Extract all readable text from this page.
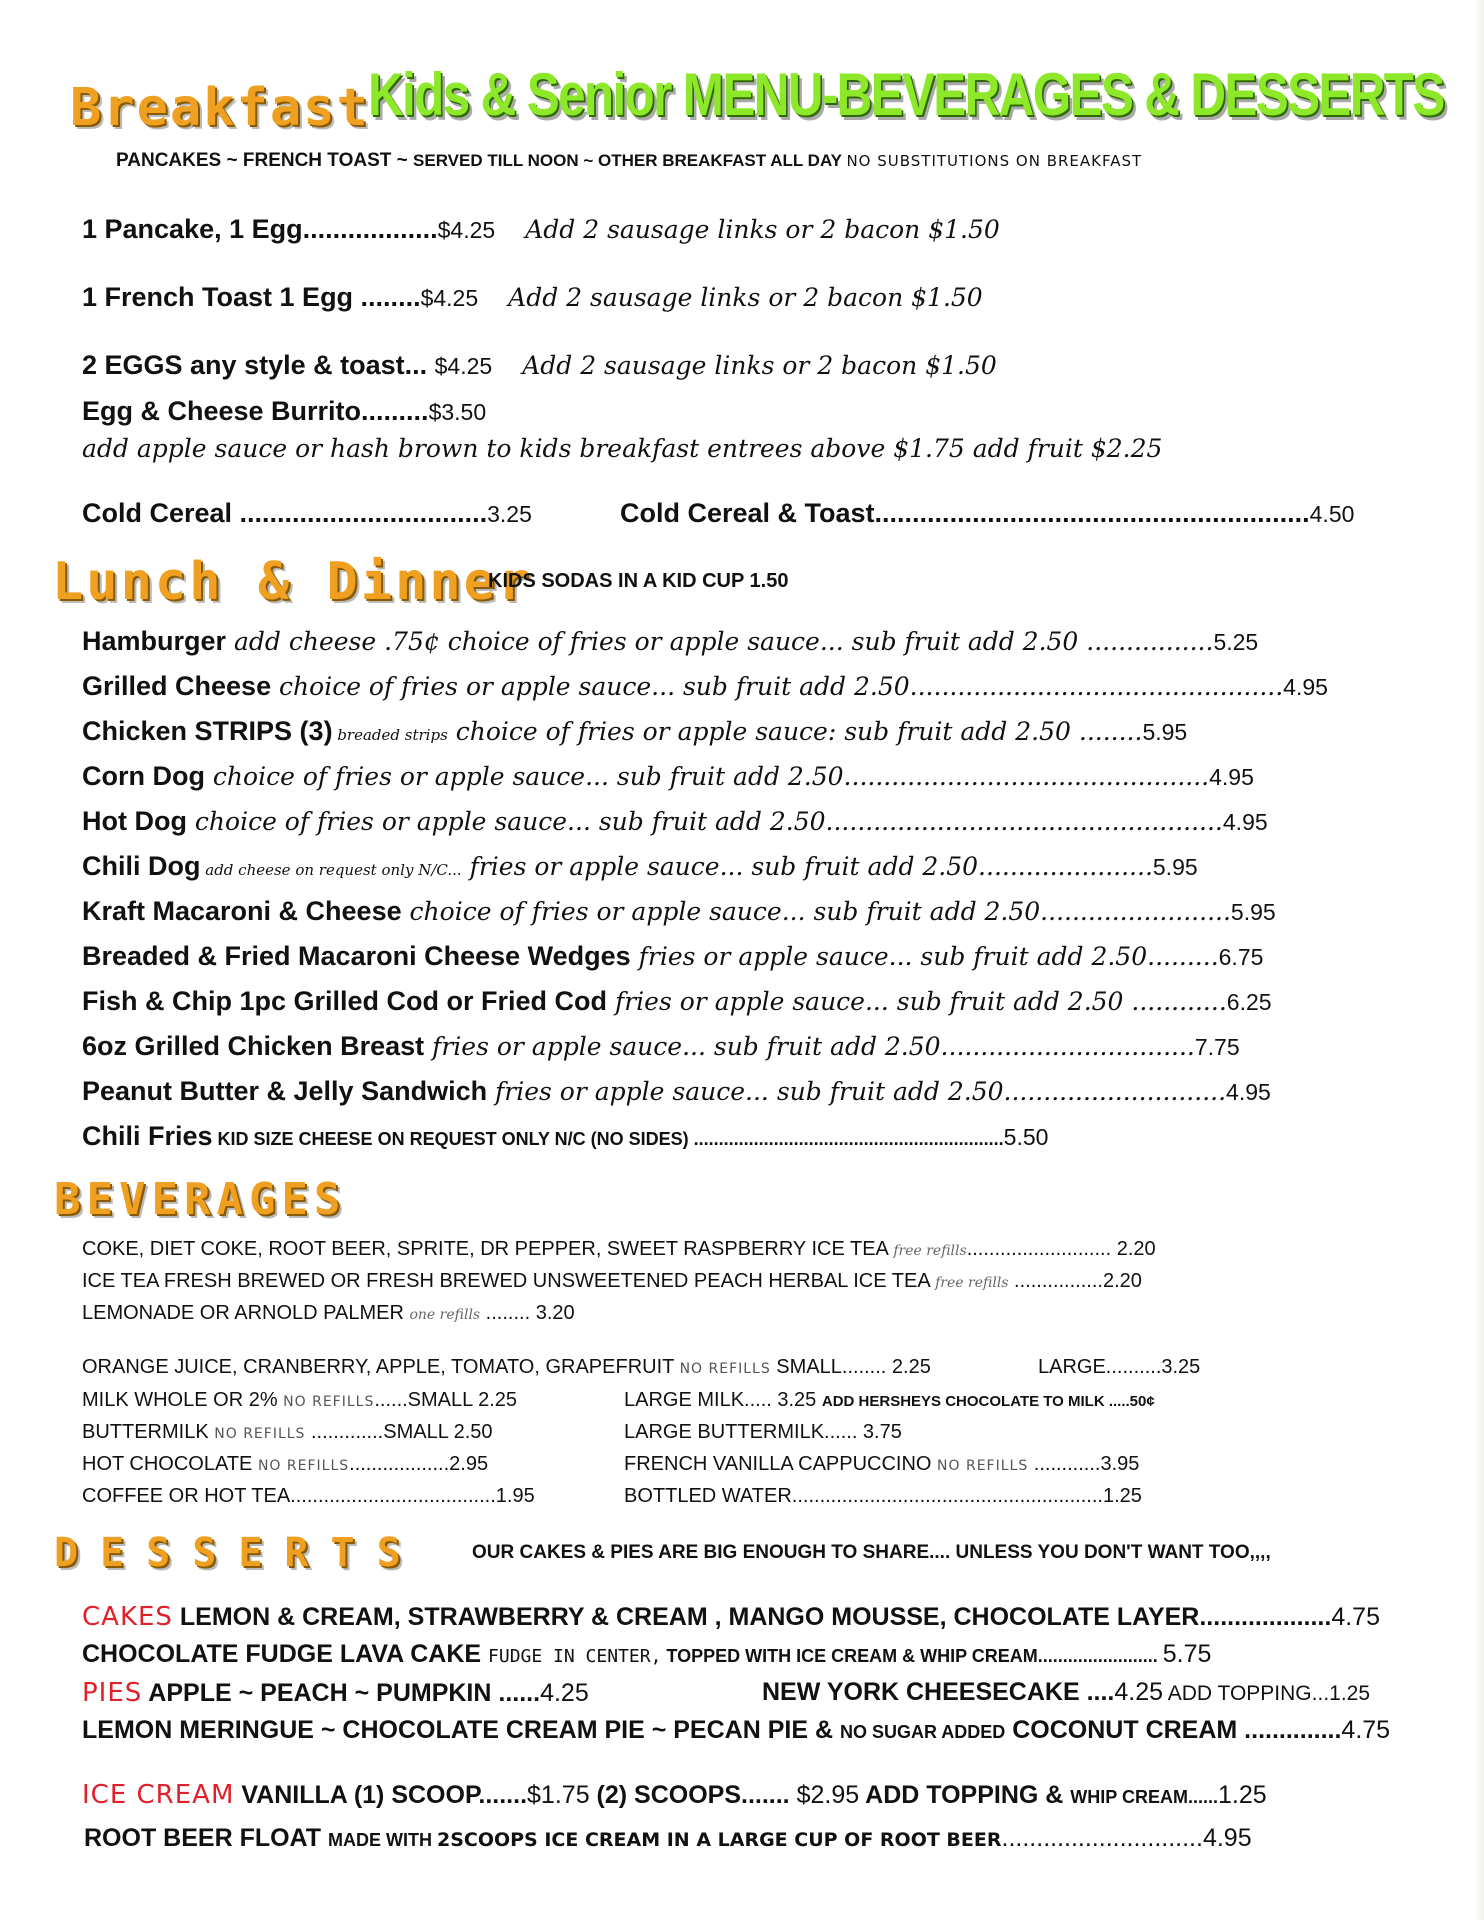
Breakfast
Kids & Senior MENU-BEVERAGES & DESSERTS
PANCAKES ~ FRENCH TOAST ~ SERVED TILL NOON ~ OTHER BREAKFAST ALL DAY NO SUBSTITUTIONS ON BREAKFAST
1 Pancake, 1 Egg..................$4.25 Add 2 sausage links or 2 bacon $1.50
1 French Toast 1 Egg ........$4.25 Add 2 sausage links or 2 bacon $1.50
2 EGGS any style & toast... $4.25 Add 2 sausage links or 2 bacon $1.50
Egg & Cheese Burrito.........$3.50
add apple sauce or hash brown to kids breakfast entrees above $1.75 add fruit $2.25
Cold Cereal .................................3.25	Cold Cereal & Toast..........................................................4.50
Lunch & Dinner
KIDS SODAS IN A KID CUP 1.50
Hamburger add cheese .75¢ choice of fries or apple sauce... sub fruit add 2.50 ................5.25
Grilled Cheese choice of fries or apple sauce... sub fruit add 2.50...............................................4.95
Chicken STRIPS (3) breaded strips choice of fries or apple sauce: sub fruit add 2.50 ........5.95
Corn Dog choice of fries or apple sauce... sub fruit add 2.50..............................................4.95
Hot Dog choice of fries or apple sauce... sub fruit add 2.50..................................................4.95
Chili Dog add cheese on request only N/C... fries or apple sauce... sub fruit add 2.50......................5.95
Kraft Macaroni & Cheese choice of fries or apple sauce... sub fruit add 2.50........................5.95
Breaded & Fried Macaroni Cheese Wedges fries or apple sauce... sub fruit add 2.50.........6.75
Fish & Chip 1pc Grilled Cod or Fried Cod fries or apple sauce... sub fruit add 2.50 ............6.25
6oz Grilled Chicken Breast fries or apple sauce... sub fruit add 2.50................................7.75
Peanut Butter & Jelly Sandwich fries or apple sauce... sub fruit add 2.50............................4.95
Chili Fries KID SIZE CHEESE ON REQUEST ONLY N/C (NO SIDES) ..............................................................5.50
BEVERAGES
COKE, DIET COKE, ROOT BEER, SPRITE, DR PEPPER, SWEET RASPBERRY ICE TEA free refills.......................... 2.20
ICE TEA FRESH BREWED OR FRESH BREWED UNSWEETENED PEACH HERBAL ICE TEA free refills ................2.20
LEMONADE OR ARNOLD PALMER one refills ........ 3.20
ORANGE JUICE, CRANBERRY, APPLE, TOMATO, GRAPEFRUIT NO REFILLS SMALL........ 2.25	LARGE..........3.25
MILK WHOLE OR 2% NO REFILLS......SMALL 2.25	LARGE MILK..... 3.25 ADD HERSHEYS CHOCOLATE TO MILK .....50¢
BUTTERMILK NO REFILLS .............SMALL 2.50	LARGE BUTTERMILK...... 3.75
HOT CHOCOLATE NO REFILLS..................2.95	FRENCH VANILLA CAPPUCCINO NO REFILLS ............3.95
COFFEE OR HOT TEA.....................................1.95	BOTTLED WATER........................................................1.25
DESSERTS	OUR CAKES & PIES ARE BIG ENOUGH TO SHARE.... UNLESS YOU DON'T WANT TOO,,,,
CAKES LEMON & CREAM, STRAWBERRY & CREAM , MANGO MOUSSE, CHOCOLATE LAYER...................4.75
CHOCOLATE FUDGE LAVA CAKE FUDGE IN CENTER, TOPPED WITH ICE CREAM & WHIP CREAM........................ 5.75
PIES APPLE ~ PEACH ~ PUMPKIN ......4.25	NEW YORK CHEESECAKE ....4.25 ADD TOPPING...1.25
LEMON MERINGUE ~ CHOCOLATE CREAM PIE ~ PECAN PIE & NO SUGAR ADDED COCONUT CREAM ..............4.75
ICE CREAM VANILLA (1) SCOOP.......$1.75 (2) SCOOPS....... $2.95 ADD TOPPING & WHIP CREAM......1.25
ROOT BEER FLOAT MADE WITH 2SCOOPS ICE CREAM IN A LARGE CUP OF ROOT BEER.............................4.95
